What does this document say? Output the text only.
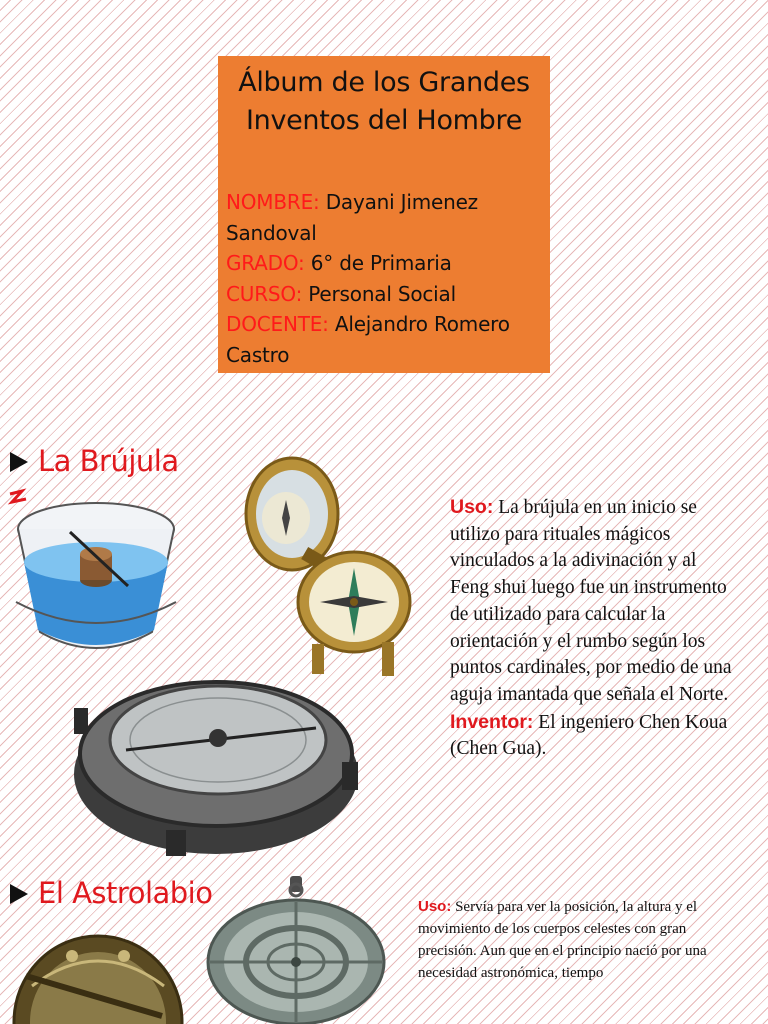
Álbum de los Grandes
Inventos del Hombre

NOMBRE: Dayani Jimenez Sandoval
GRADO: 6° de Primaria
CURSO: Personal Social
DOCENTE: Alejandro Romero Castro
La Brújula
Uso: La brújula en un inicio se utilizo para rituales mágicos vinculados a la adivinación y al Feng shui luego fue un instrumento de utilizado para calcular la orientación y el rumbo según los puntos cardinales, por medio de una aguja imantada que señala el Norte.
Inventor: El ingeniero Chen Koua (Chen Gua).
El Astrolabio	Uso: Servía para ver la posición, la altura y el movimiento de los cuerpos celestes con gran precisión. Aun que en el principio nació por una necesidad astronómica, tiempo
